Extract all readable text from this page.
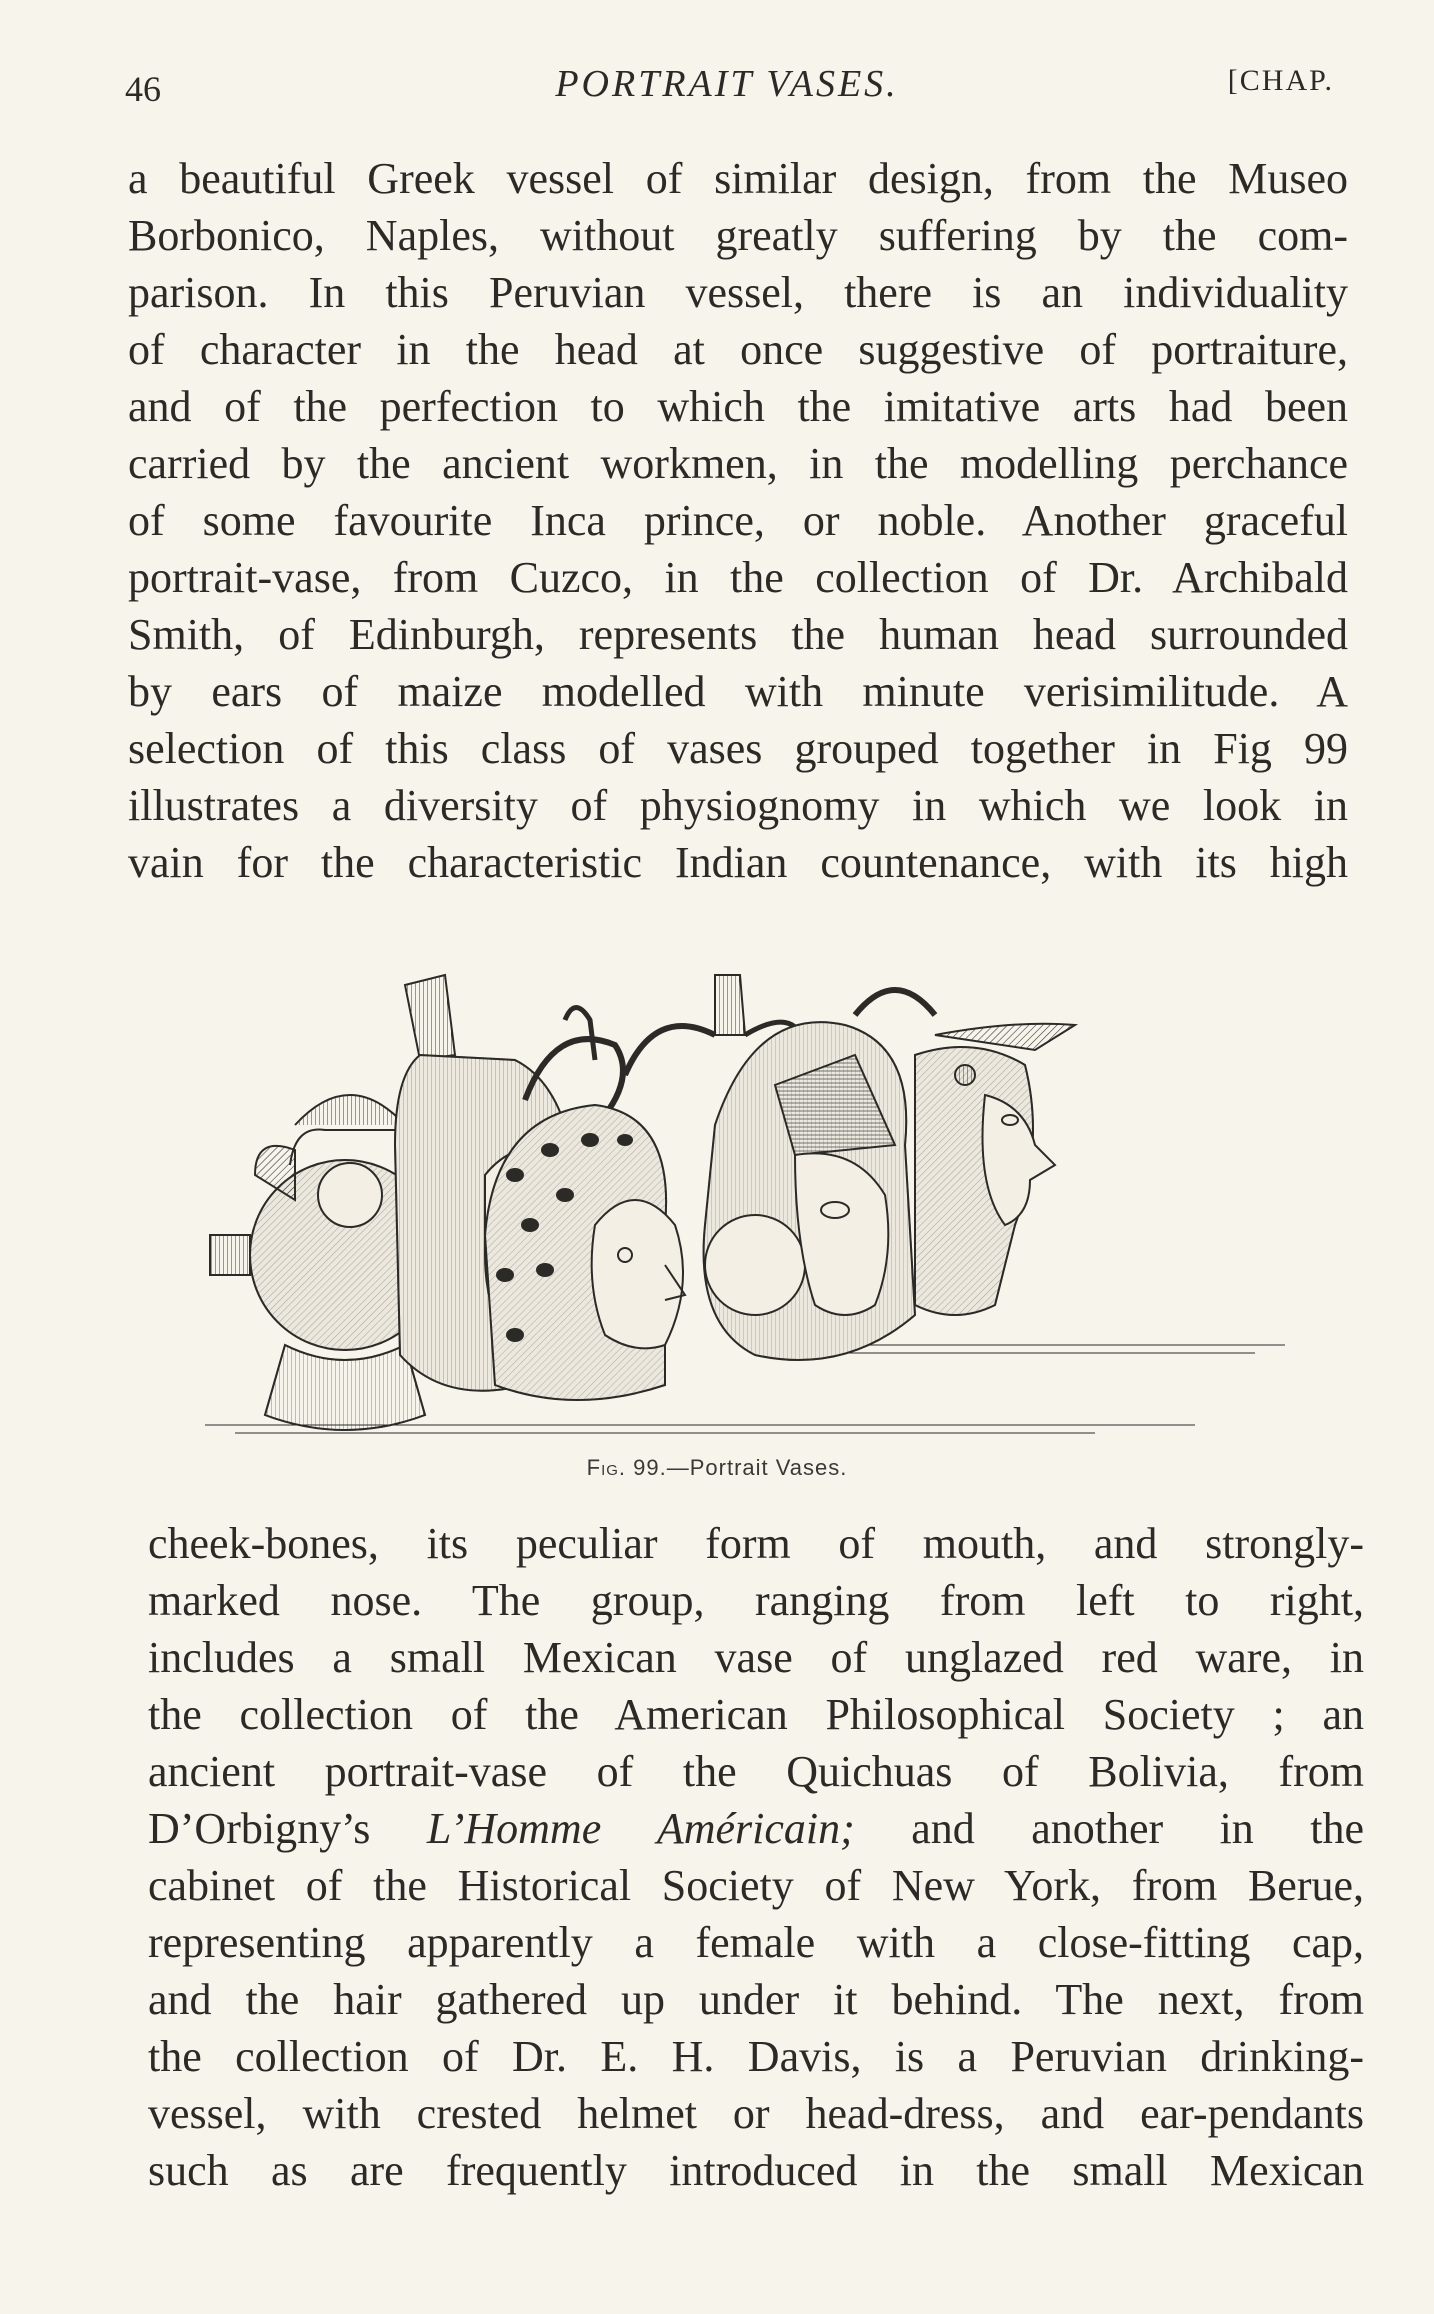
46	PORTRAIT VASES.	[CHAP.

a beautiful Greek vessel of similar design, from the Museo

Borbonico, Naples, without greatly suffering by the com-

parison. In this Peruvian vessel, there is an individuality

of character in the head at once suggestive of portraiture,

and of the perfection to which the imitative arts had been

carried by the ancient workmen, in the modelling perchance

of some favourite Inca prince, or noble. Another graceful

portrait-vase, from Cuzco, in the collection of Dr. Archibald

Smith, of Edinburgh, represents the human head surrounded

by ears of maize modelled with minute verisimilitude. A

selection of this class of vases grouped together in Fig 99

illustrates a diversity of physiognomy in which we look in

vain for the characteristic Indian countenance, with its high

Fig. 99.—Portrait Vases.

cheek-bones, its peculiar form of mouth, and strongly-

marked nose. The group, ranging from left to right,

includes a small Mexican vase of unglazed red ware, in

the collection of the American Philosophical Society ; an

ancient portrait-vase of the Quichuas of Bolivia, from

D’Orbigny’s L’Homme Américain; and another in the

cabinet of the Historical Society of New York, from Berue,

representing apparently a female with a close-fitting cap,

and the hair gathered up under it behind. The next, from

the collection of Dr. E. H. Davis, is a Peruvian drinking-

vessel, with crested helmet or head-dress, and ear-pendants

such as are frequently introduced in the small Mexican
